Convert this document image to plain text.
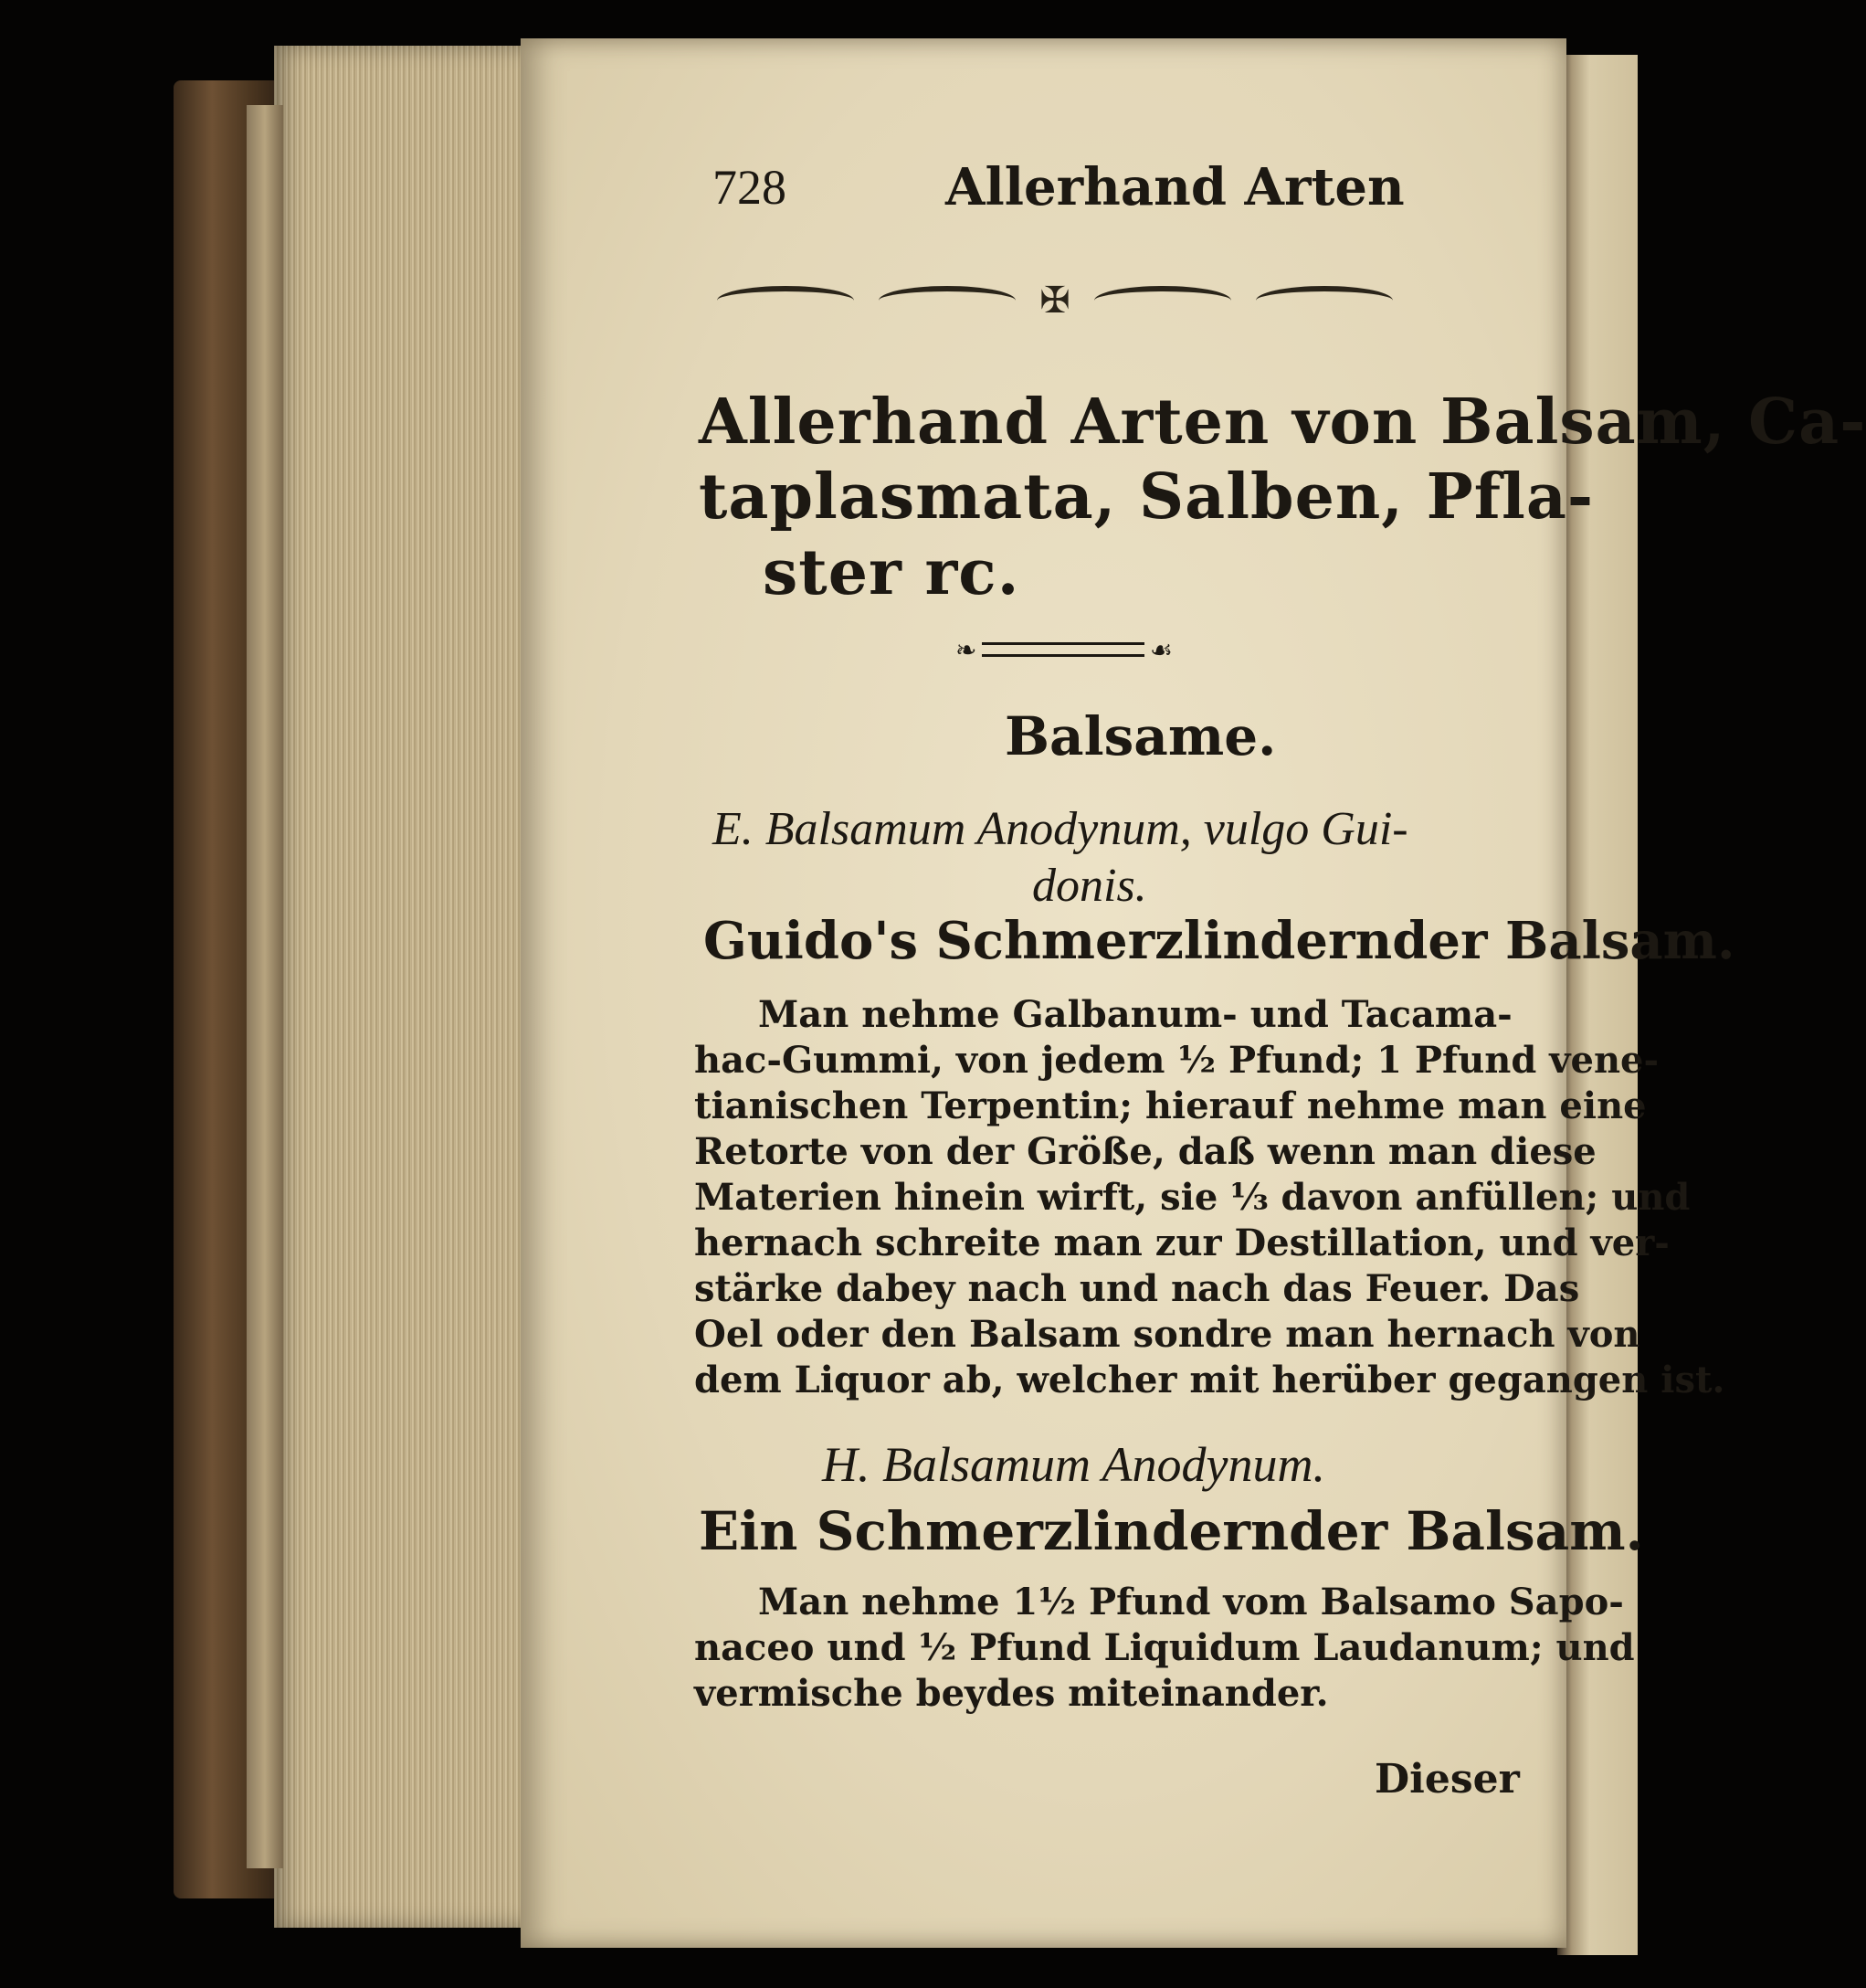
728	Allerhand Arten
✠
Allerhand Arten von Balsam, Ca-
taplasmata, Salben, Pfla-
ster rc.
❧	☙
Balsame.
E. Balsamum Anodynum, vulgo Gui-
donis.
Guido's Schmerzlindernder Balsam.
Man nehme Galbanum- und Tacama-
hac-Gummi, von jedem ½ Pfund; 1 Pfund vene-
tianischen Terpentin; hierauf nehme man eine
Retorte von der Größe, daß wenn man diese
Materien hinein wirft, sie ⅓ davon anfüllen; und
hernach schreite man zur Destillation, und ver-
stärke dabey nach und nach das Feuer. Das
Oel oder den Balsam sondre man hernach von
dem Liquor ab, welcher mit herüber gegangen ist.
H. Balsamum Anodynum.
Ein Schmerzlindernder Balsam.
Man nehme 1½ Pfund vom Balsamo Sapo-
naceo und ½ Pfund Liquidum Laudanum; und
vermische beydes miteinander.
Dieser
